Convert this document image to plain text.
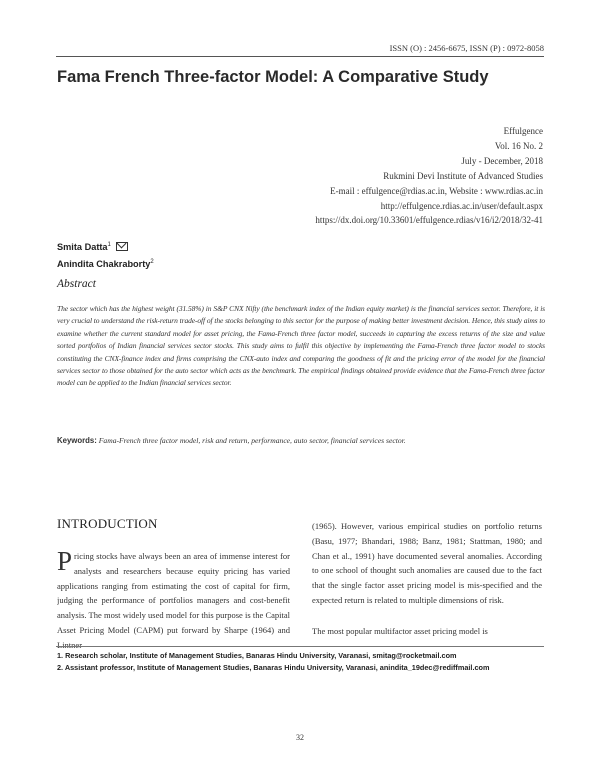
ISSN (O) : 2456-6675, ISSN (P) : 0972-8058
Fama French Three-factor Model: A Comparative Study
Effulgence
Vol. 16 No. 2
July - December, 2018
Rukmini Devi Institute of Advanced Studies
E-mail : effulgence@rdias.ac.in, Website : www.rdias.ac.in
http://effulgence.rdias.ac.in/user/default.aspx
https://dx.doi.org/10.33601/effulgence.rdias/v16/i2/2018/32-41
Smita Datta$^1$
Anindita Chakraborty$^2$
Abstract
The sector which has the highest weight (31.58%) in S&P CNX Nifty (the benchmark index of the Indian equity market) is the financial services sector. Therefore, it is very crucial to understand the risk-return trade-off of the stocks belonging to this sector for the purpose of making better investment decision. Hence, this study aims to examine whether the current standard model for asset pricing, the Fama-French three factor model, succeeds in capturing the excess returns of the size and value sorted portfolios of Indian financial services sector stocks. This study aims to fulfil this objective by implementing the Fama-French three factor model to stocks constituting the CNX-finance index and firms comprising the CNX-auto index and comparing the goodness of fit and the pricing error of the model for the financial services sector to those obtained for the auto sector which acts as the benchmark. The empirical findings obtained provide evidence that the Fama-French three factor model can be applied to the Indian financial services sector.
Keywords: Fama-French three factor model, risk and return, performance, auto sector, financial services sector.
INTRODUCTION
Pricing stocks have always been an area of immense interest for analysts and researchers because equity pricing has varied applications ranging from estimating the cost of capital for firm, judging the performance of portfolios managers and cost-benefit analysis. The most widely used model for this purpose is the Capital Asset Pricing Model (CAPM) put forward by Sharpe (1964) and Lintner
(1965). However, various empirical studies on portfolio returns (Basu, 1977; Bhandari, 1988; Banz, 1981; Stattman, 1980; and Chan et al., 1991) have documented several anomalies. According to one school of thought such anomalies are caused due to the fact that the single factor asset pricing model is mis-specified and the expected return is related to multiple dimensions of risk.
The most popular multifactor asset pricing model is
1. Research scholar, Institute of Management Studies, Banaras Hindu University, Varanasi, smitag@rocketmail.com
2. Assistant professor, Institute of Management Studies, Banaras Hindu University, Varanasi, anindita_19dec@rediffmail.com
32
